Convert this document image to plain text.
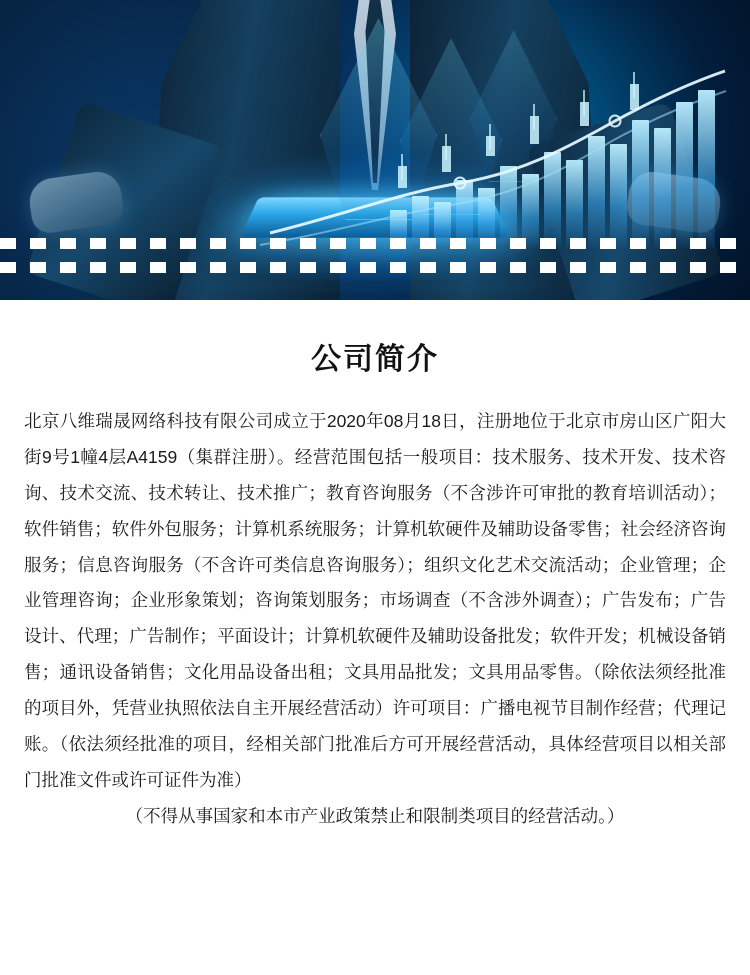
公司简介

北京八维瑞晟网络科技有限公司成立于2020年08月18日，注册地位于北京市房山区广阳大街9号1幢4层A4159（集群注册）。经营范围包括一般项目：技术服务、技术开发、技术咨询、技术交流、技术转让、技术推广；教育咨询服务（不含涉许可审批的教育培训活动）；软件销售；软件外包服务；计算机系统服务；计算机软硬件及辅助设备零售；社会经济咨询服务；信息咨询服务（不含许可类信息咨询服务）；组织文化艺术交流活动；企业管理；企业管理咨询；企业形象策划；咨询策划服务；市场调查（不含涉外调查）；广告发布；广告设计、代理；广告制作；平面设计；计算机软硬件及辅助设备批发；软件开发；机械设备销售；通讯设备销售；文化用品设备出租；文具用品批发；文具用品零售。（除依法须经批准的项目外，凭营业执照依法自主开展经营活动）许可项目：广播电视节目制作经营；代理记账。（依法须经批准的项目，经相关部门批准后方可开展经营活动，具体经营项目以相关部门批准文件或许可证件为准）
（不得从事国家和本市产业政策禁止和限制类项目的经营活动。）
